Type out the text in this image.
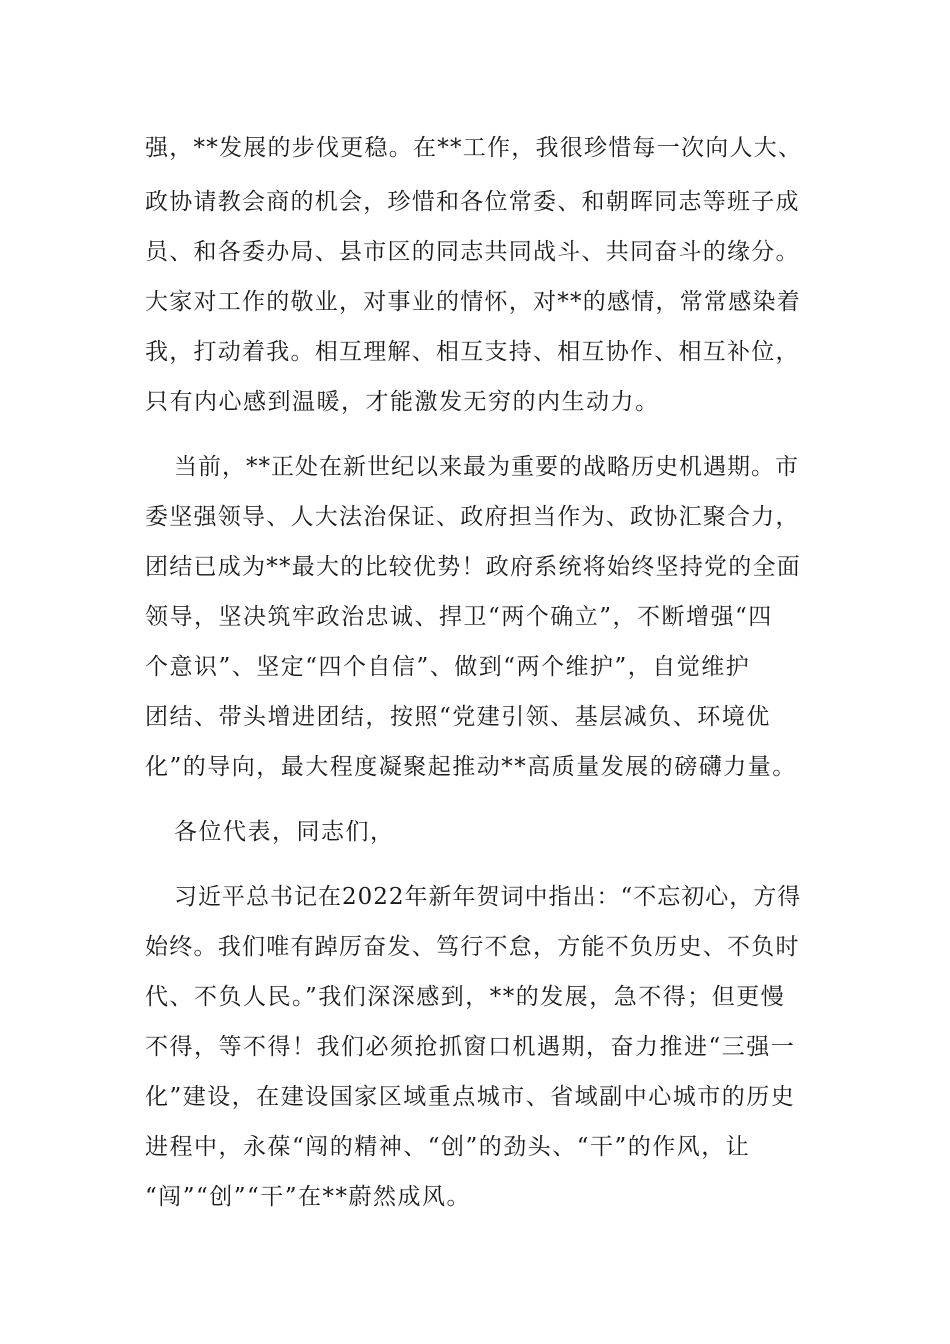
强，**发展的步伐更稳。在**工作，我很珍惜每一次向人大、
政协请教会商的机会，珍惜和各位常委、和朝晖同志等班子成
员、和各委办局、县市区的同志共同战斗、共同奋斗的缘分。
大家对工作的敬业，对事业的情怀，对**的感情，常常感染着
我，打动着我。相互理解、相互支持、相互协作、相互补位，
只有内心感到温暖，才能激发无穷的内生动力。
当前，**正处在新世纪以来最为重要的战略历史机遇期。市
委坚强领导、人大法治保证、政府担当作为、政协汇聚合力，
团结已成为**最大的比较优势！政府系统将始终坚持党的全面
领导，坚决筑牢政治忠诚、捍卫“两个确立”，不断增强“四
个意识”、坚定“四个自信”、做到“两个维护”，自觉维护
团结、带头增进团结，按照“党建引领、基层减负、环境优
化”的导向，最大程度凝聚起推动**高质量发展的磅礴力量。
各位代表，同志们，
习近平总书记在2022年新年贺词中指出：“不忘初心，方得
始终。我们唯有踔厉奋发、笃行不怠，方能不负历史、不负时
代、不负人民。”我们深深感到，**的发展，急不得；但更慢
不得，等不得！我们必须抢抓窗口机遇期，奋力推进“三强一
化”建设，在建设国家区域重点城市、省域副中心城市的历史
进程中，永葆“闯的精神、“创”的劲头、“干”的作风，让
“闯”“创”“干”在**蔚然成风。
